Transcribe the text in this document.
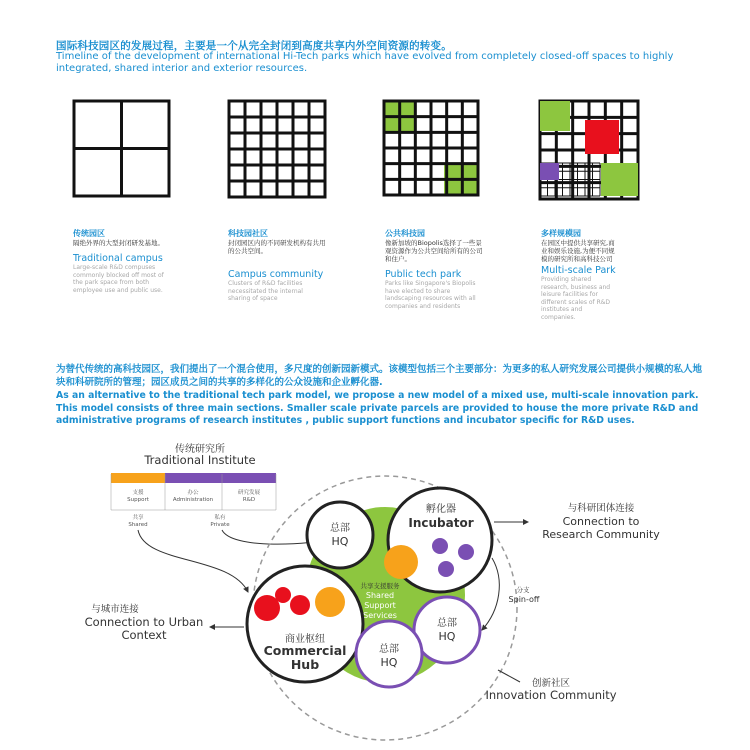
国际科技园区的发展过程，主要是一个从完全封闭到高度共享内外空间资源的转变。
Timeline of the development of international Hi-Tech parks which have evolved from completely closed-off spaces to highly integrated, shared interior and exterior resources.
传统园区
隔绝外界的大型封闭研发基地。
Traditional campus
Large-scale R&D compuses commonly blocked off most of the park space from both employee use and public use.
科技园社区
封闭园区内的不同研发机构有共用的公共空间。
Campus community
Clusters of R&D facilities necessitated the internal sharing of space
公共科技园
像新加坡的Biopolis选择了一些景观资源作为公共空间给所有的公司和住户。
Public tech park
Parks like Singapore's Biopolis have elected to share landscaping resources with all companies and residents
多样规模园
在园区中提供共享研究,商业和娱乐设施,为便不同规模的研究所和高科技公司
Multi-scale Park
Providing shared research, business and leisure facilities for different scales of R&D institutes and companies.
为替代传统的高科技园区，我们提出了一个混合使用，多尺度的创新园新模式。该模型包括三个主要部分：为更多的私人研究发展公司提供小规模的私人地块和科研院所的管理；园区成员之间的共享的多样化的公众设施和企业孵化器.
As an alternative to the traditional tech park model, we propose a new model of a mixed use, multi-scale innovation park. This model consists of three main sections. Smaller scale private parcels are provided to house the more private R&D and administrative programs of research institutes , public support functions and incubator specific for R&D uses.
传统研究所
Traditional Institute
支援
Support
办公
Administration
研究发展
R&D
共享
Shared
私有
Private	总部
HQ
孵化器
Incubator
共享支援服务
Shared
Support
Services
商业枢纽
Commercial
Hub
总部
HQ
总部
HQ
与科研团体连接
Connection to
Research Community
分支
Spin-off
与城市连接
Connection to Urban
Context
创新社区
Innovation Community
